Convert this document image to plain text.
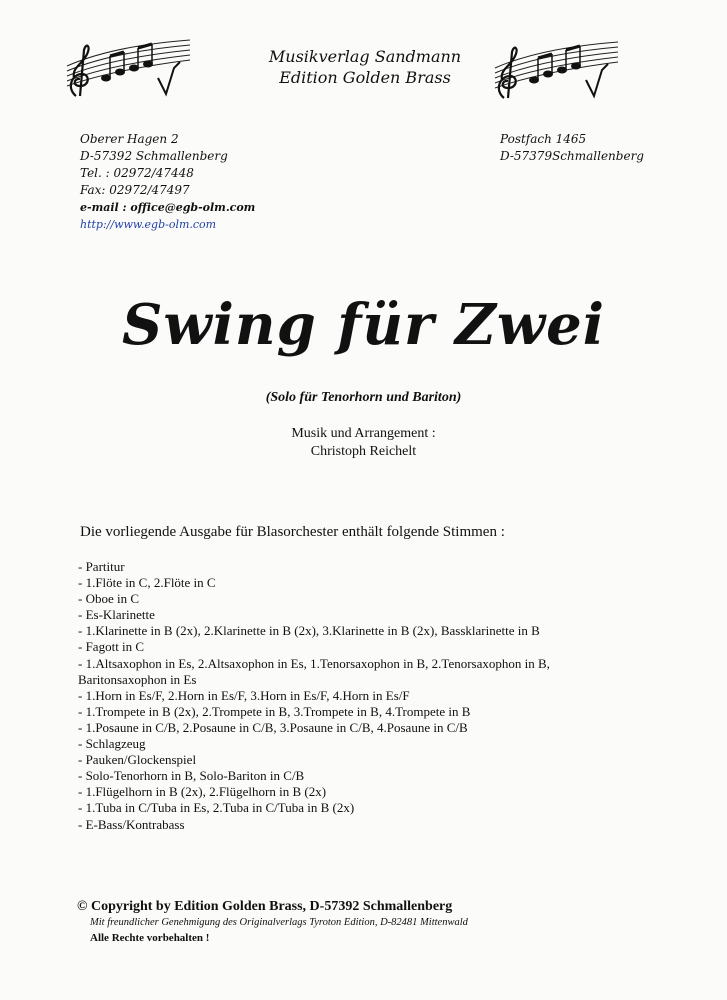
Musikverlag Sandmann
Edition Golden Brass
Oberer Hagen 2
D-57392 Schmallenberg
Tel. : 02972/47448
Fax: 02972/47497
e-mail : office@egb-olm.com
http://www.egb-olm.com
Postfach 1465
D-57379Schmallenberg
Swing für Zwei
(Solo für Tenorhorn und Bariton)
Musik und Arrangement :
Christoph Reichelt
Die vorliegende Ausgabe für Blasorchester enthält folgende Stimmen :
- Partitur
- 1.Flöte in C, 2.Flöte in C
- Oboe in C
- Es-Klarinette
- 1.Klarinette in B (2x), 2.Klarinette in B (2x), 3.Klarinette in B (2x), Bassklarinette in B
- Fagott in C
- 1.Altsaxophon in Es, 2.Altsaxophon in Es, 1.Tenorsaxophon in B, 2.Tenorsaxophon in B,
Baritonsaxophon in Es
- 1.Horn in Es/F, 2.Horn in Es/F, 3.Horn in Es/F, 4.Horn in Es/F
- 1.Trompete in B (2x), 2.Trompete in B, 3.Trompete in B, 4.Trompete in B
- 1.Posaune in C/B, 2.Posaune in C/B, 3.Posaune in C/B, 4.Posaune in C/B
- Schlagzeug
- Pauken/Glockenspiel
- Solo-Tenorhorn in B, Solo-Bariton in C/B
- 1.Flügelhorn in B (2x), 2.Flügelhorn in B (2x)
- 1.Tuba in C/Tuba in Es, 2.Tuba in C/Tuba in B (2x)
- E-Bass/Kontrabass
© Copyright by Edition Golden Brass, D-57392 Schmallenberg
Mit freundlicher Genehmigung des Originalverlags Tyroton Edition, D-82481 Mittenwald
Alle Rechte vorbehalten !
